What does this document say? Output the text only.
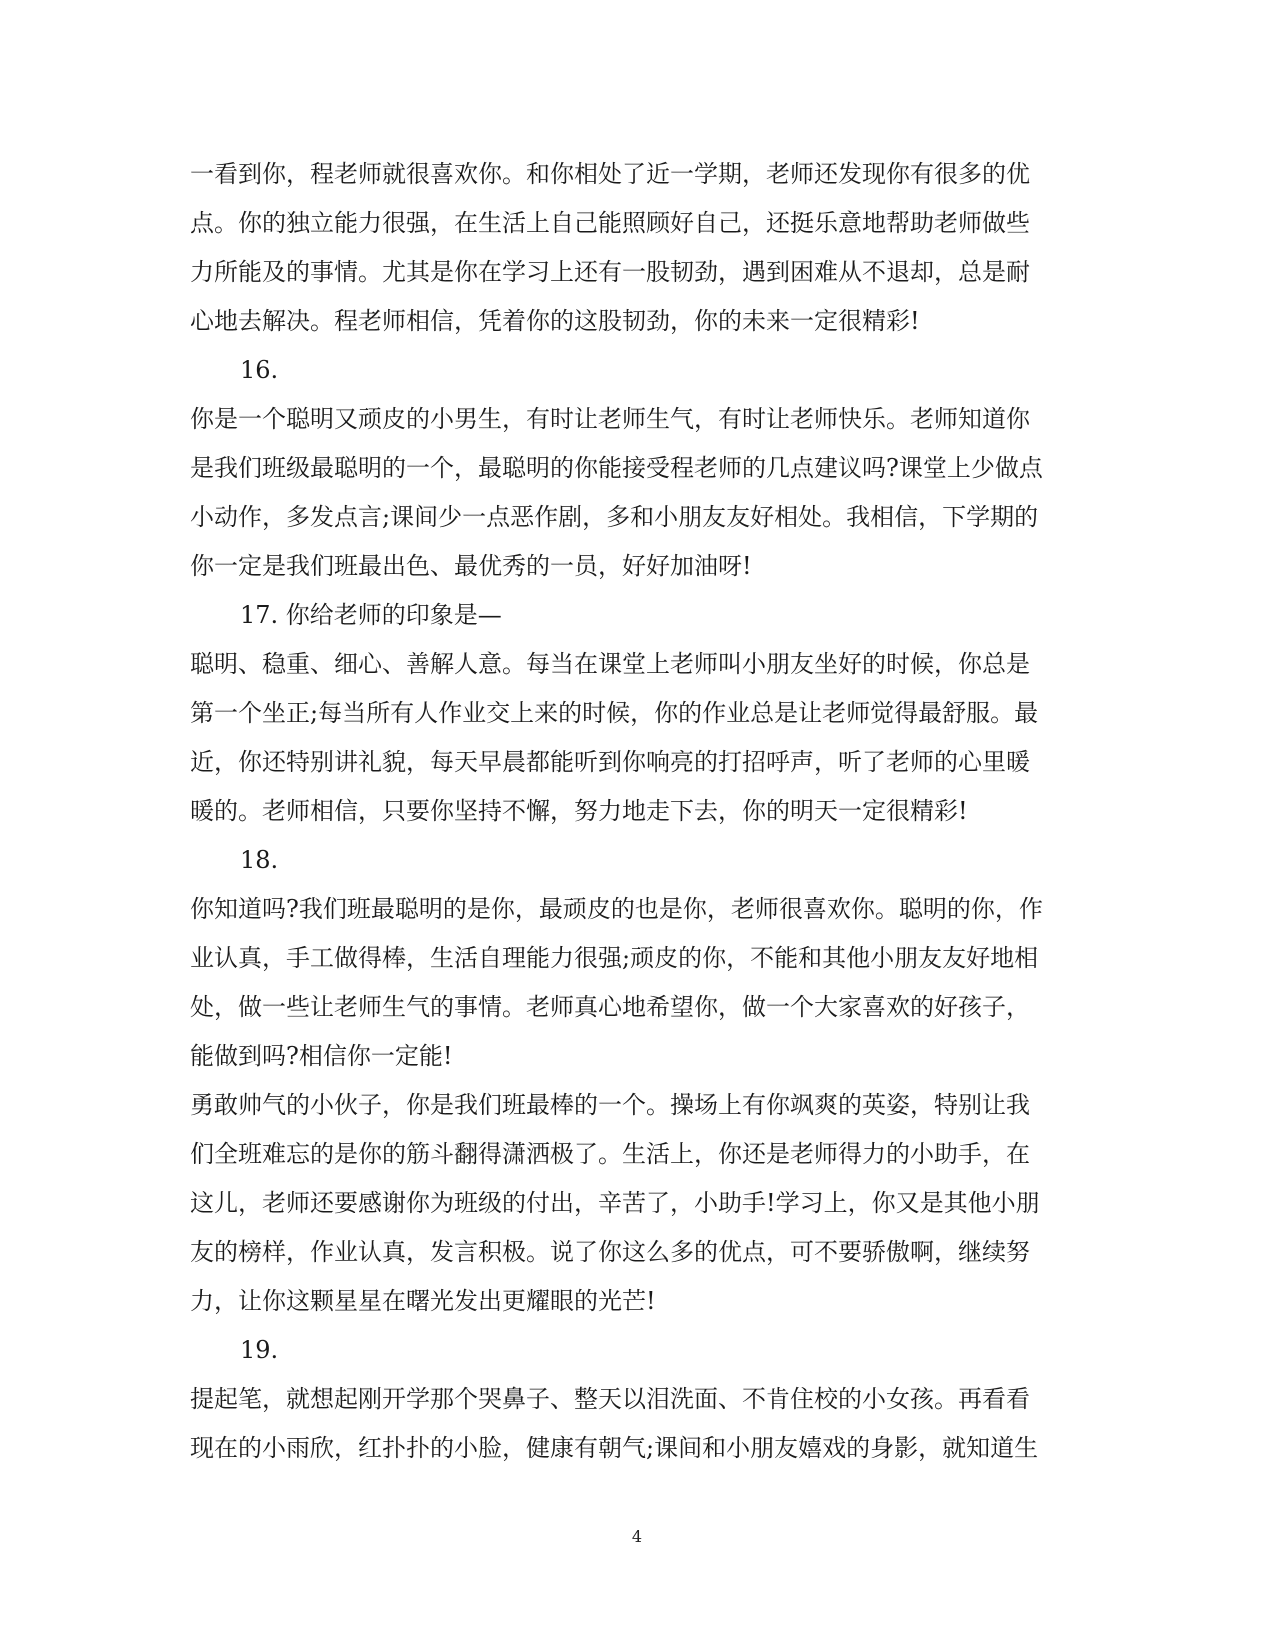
一看到你，程老师就很喜欢你。和你相处了近一学期，老师还发现你有很多的优
点。你的独立能力很强，在生活上自己能照顾好自己，还挺乐意地帮助老师做些
力所能及的事情。尤其是你在学习上还有一股韧劲，遇到困难从不退却，总是耐
心地去解决。程老师相信，凭着你的这股韧劲，你的未来一定很精彩!
16.
你是一个聪明又顽皮的小男生，有时让老师生气，有时让老师快乐。老师知道你
是我们班级最聪明的一个，最聪明的你能接受程老师的几点建议吗?课堂上少做点
小动作，多发点言;课间少一点恶作剧，多和小朋友友好相处。我相信，下学期的
你一定是我们班最出色、最优秀的一员，好好加油呀!
17. 你给老师的印象是—
聪明、稳重、细心、善解人意。每当在课堂上老师叫小朋友坐好的时候，你总是
第一个坐正;每当所有人作业交上来的时候，你的作业总是让老师觉得最舒服。最
近，你还特别讲礼貌，每天早晨都能听到你响亮的打招呼声，听了老师的心里暖
暖的。老师相信，只要你坚持不懈，努力地走下去，你的明天一定很精彩!
18.
你知道吗?我们班最聪明的是你，最顽皮的也是你，老师很喜欢你。聪明的你，作
业认真，手工做得棒，生活自理能力很强;顽皮的你，不能和其他小朋友友好地相
处，做一些让老师生气的事情。老师真心地希望你，做一个大家喜欢的好孩子，
能做到吗?相信你一定能!
勇敢帅气的小伙子，你是我们班最棒的一个。操场上有你飒爽的英姿，特别让我
们全班难忘的是你的筋斗翻得潇洒极了。生活上，你还是老师得力的小助手，在
这儿，老师还要感谢你为班级的付出，辛苦了，小助手!学习上，你又是其他小朋
友的榜样，作业认真，发言积极。说了你这么多的优点，可不要骄傲啊，继续努
力，让你这颗星星在曙光发出更耀眼的光芒!
19.
提起笔，就想起刚开学那个哭鼻子、整天以泪洗面、不肯住校的小女孩。再看看
现在的小雨欣，红扑扑的小脸，健康有朝气;课间和小朋友嬉戏的身影，就知道生
4
